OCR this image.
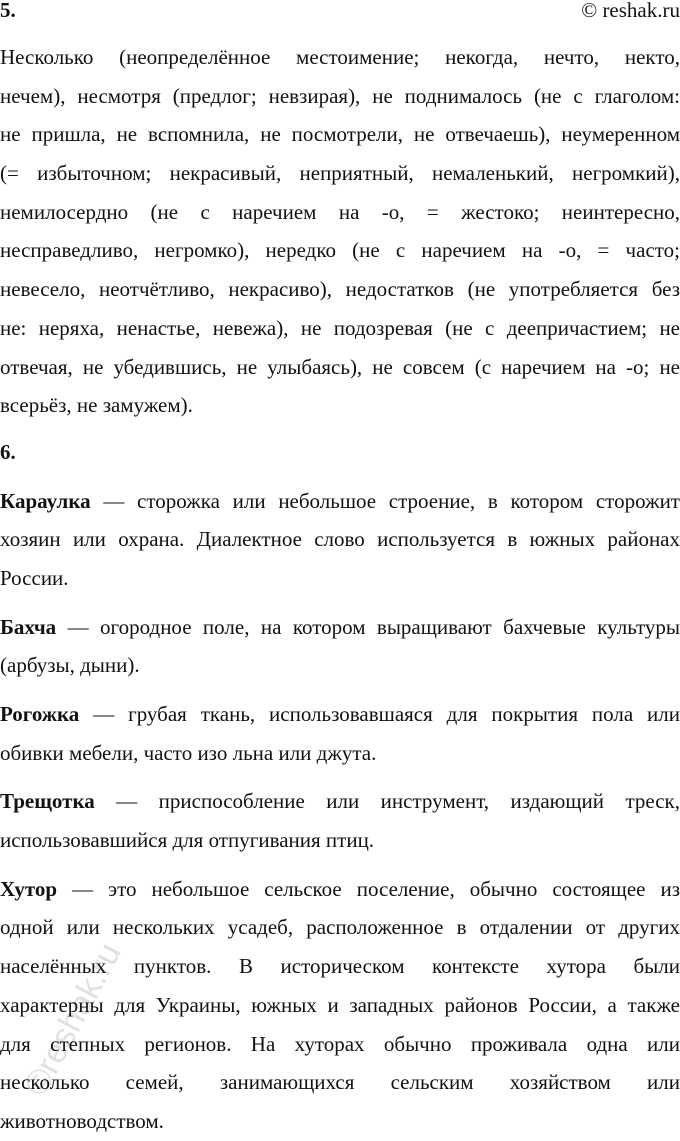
5.	© reshak.ru
Несколько (неопределённое местоимение; некогда, нечто, некто,
нечем), несмотря (предлог; невзирая), не поднималось (не с глаголом:
не пришла, не вспомнила, не посмотрели, не отвечаешь), неумеренном
(= избыточном; некрасивый, неприятный, немаленький, негромкий),
немилосердно (не с наречием на -о, = жестоко; неинтересно,
несправедливо, негромко), нередко (не с наречием на -о, = часто;
невесело, неотчётливо, некрасиво), недостатков (не употребляется без
не: неряха, ненастье, невежа), не подозревая (не с деепричастием; не
отвечая, не убедившись, не улыбаясь), не совсем (с наречием на -о; не
всерьёз, не замужем).
6.
Караулка — сторожка или небольшое строение, в котором сторожит
хозяин или охрана. Диалектное слово используется в южных районах
России.
Бахча — огородное поле, на котором выращивают бахчевые культуры
(арбузы, дыни).
Рогожка — грубая ткань, использовавшаяся для покрытия пола или
обивки мебели, часто изо льна или джута.
Трещотка — приспособление или инструмент, издающий треск,
использовавшийся для отпугивания птиц.
Хутор — это небольшое сельское поселение, обычно состоящее из
одной или нескольких усадеб, расположенное в отдалении от других
населённых пунктов. В историческом контексте хутора были
характерны для Украины, южных и западных районов России, а также
для степных регионов. На хуторах обычно проживала одна или
несколько семей, занимающихся сельским хозяйством или
животноводством.
©reshak.ru
